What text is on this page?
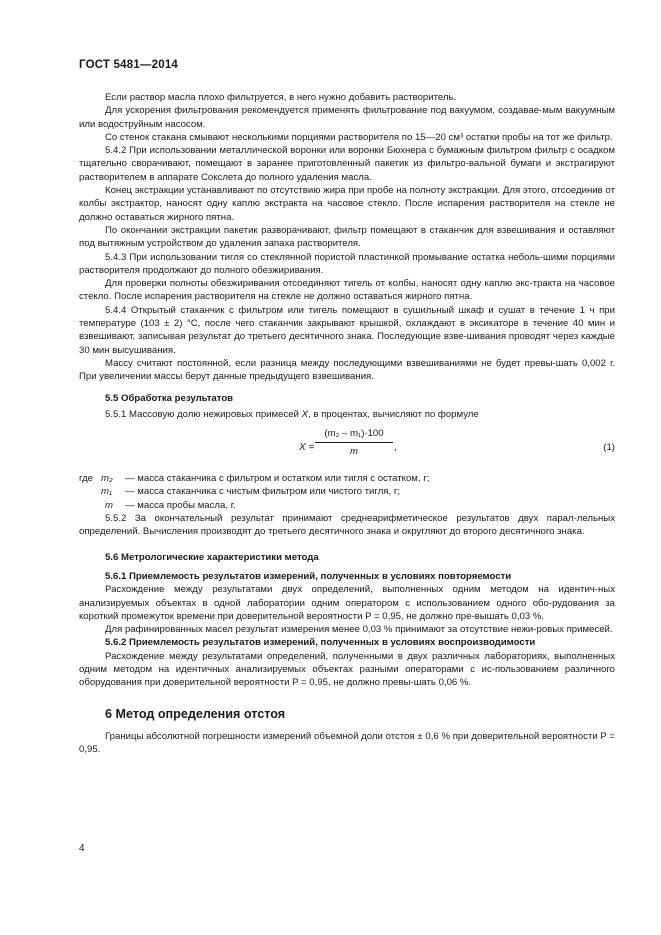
ГОСТ 5481—2014

Если раствор масла плохо фильтруется, в него нужно добавить растворитель.

Для ускорения фильтрования рекомендуется применять фильтрование под вакуумом, создавае-мым вакуумным или водоструйным насосом.

Со стенок стакана смывают несколькими порциями растворителя по 15—20 см³ остатки пробы на тот же фильтр.

5.4.2 При использовании металлической воронки или воронки Бюхнера с бумажным фильтром фильтр с осадком тщательно сворачивают, помещают в заранее приготовленный пакетик из фильтро-вальной бумаги и экстрагируют растворителем в аппарате Сокслета до полного удаления масла.

Конец экстракции устанавливают по отсутствию жира при пробе на полноту экстракции. Для этого, отсоединив от колбы экстрактор, наносят одну каплю экстракта на часовое стекло. После испарения растворителя на стекле не должно оставаться жирного пятна.

По окончании экстракции пакетик разворачивают, фильтр помещают в стаканчик для взвешивания и оставляют под вытяжным устройством до удаления запаха растворителя.

5.4.3 При использовании тигля со стеклянной пористой пластинкой промывание остатка неболь-шими порциями растворителя продолжают до полного обезжиривания.

Для проверки полноты обезжиривания отсоединяют тигель от колбы, наносят одну каплю экс-тракта на часовое стекло. После испарения растворителя на стекле не должно оставаться жирного пятна.

5.4.4 Открытый стаканчик с фильтром или тигель помещают в сушильный шкаф и сушат в течение 1 ч при температуре (103 ± 2) °С, после чего стаканчик закрывают крышкой, охлаждают в эксикаторе в течение 40 мин и взвешивают, записывая результат до третьего десятичного знака. Последующие взве-шивания проводят через каждые 30 мин высушивания.

Массу считают постоянной, если разница между последующими взвешиваниями не будет превы-шать 0,002 г. При увеличении массы берут данные предыдущего взвешивания.

5.5 Обработка результатов

5.5.1 Массовую долю нежировых примесей X, в процентах, вычисляют по формуле

$X = \frac{\text{(m₂ – m₁)·100}}{m}$ ,	(1)
где m₂	— масса стаканчика с фильтром и остатком или тигля с остатком, г;
m₁	— масса стаканчика с чистым фильтром или чистого тигля, г;
m	— масса пробы масла, г.

5.5.2 За окончательный результат принимают среднеарифметическое результатов двух парал-лельных определений. Вычисления производят до третьего десятичного знака и округляют до второго десятичного знака.

5.6 Метрологические характеристики метода

5.6.1 Приемлемость результатов измерений, полученных в условиях повторяемости

Расхождение между результатами двух определений, выполненных одним методом на идентич-ных анализируемых объектах в одной лаборатории одним оператором с использованием одного обо-рудования за короткий промежуток времени при доверительной вероятности P = 0,95, не должно пре-вышать 0,03 %.

Для рафинированных масел результат измерения менее 0,03 % принимают за отсутствие нежи-ровых примесей.

5.6.2 Приемлемость результатов измерений, полученных в условиях воспроизводимости

Расхождение между результатами определений, полученными в двух различных лабораториях, выполненных одним методом на идентичных анализируемых объектах разными операторами с ис-пользованием различного оборудования при доверительной вероятности P = 0,95, не должно превы-шать 0,06 %.

6 Метод определения отстоя

Границы абсолютной погрешности измерений объемной доли отстоя ± 0,6 % при доверительной вероятности P = 0,95.

4
